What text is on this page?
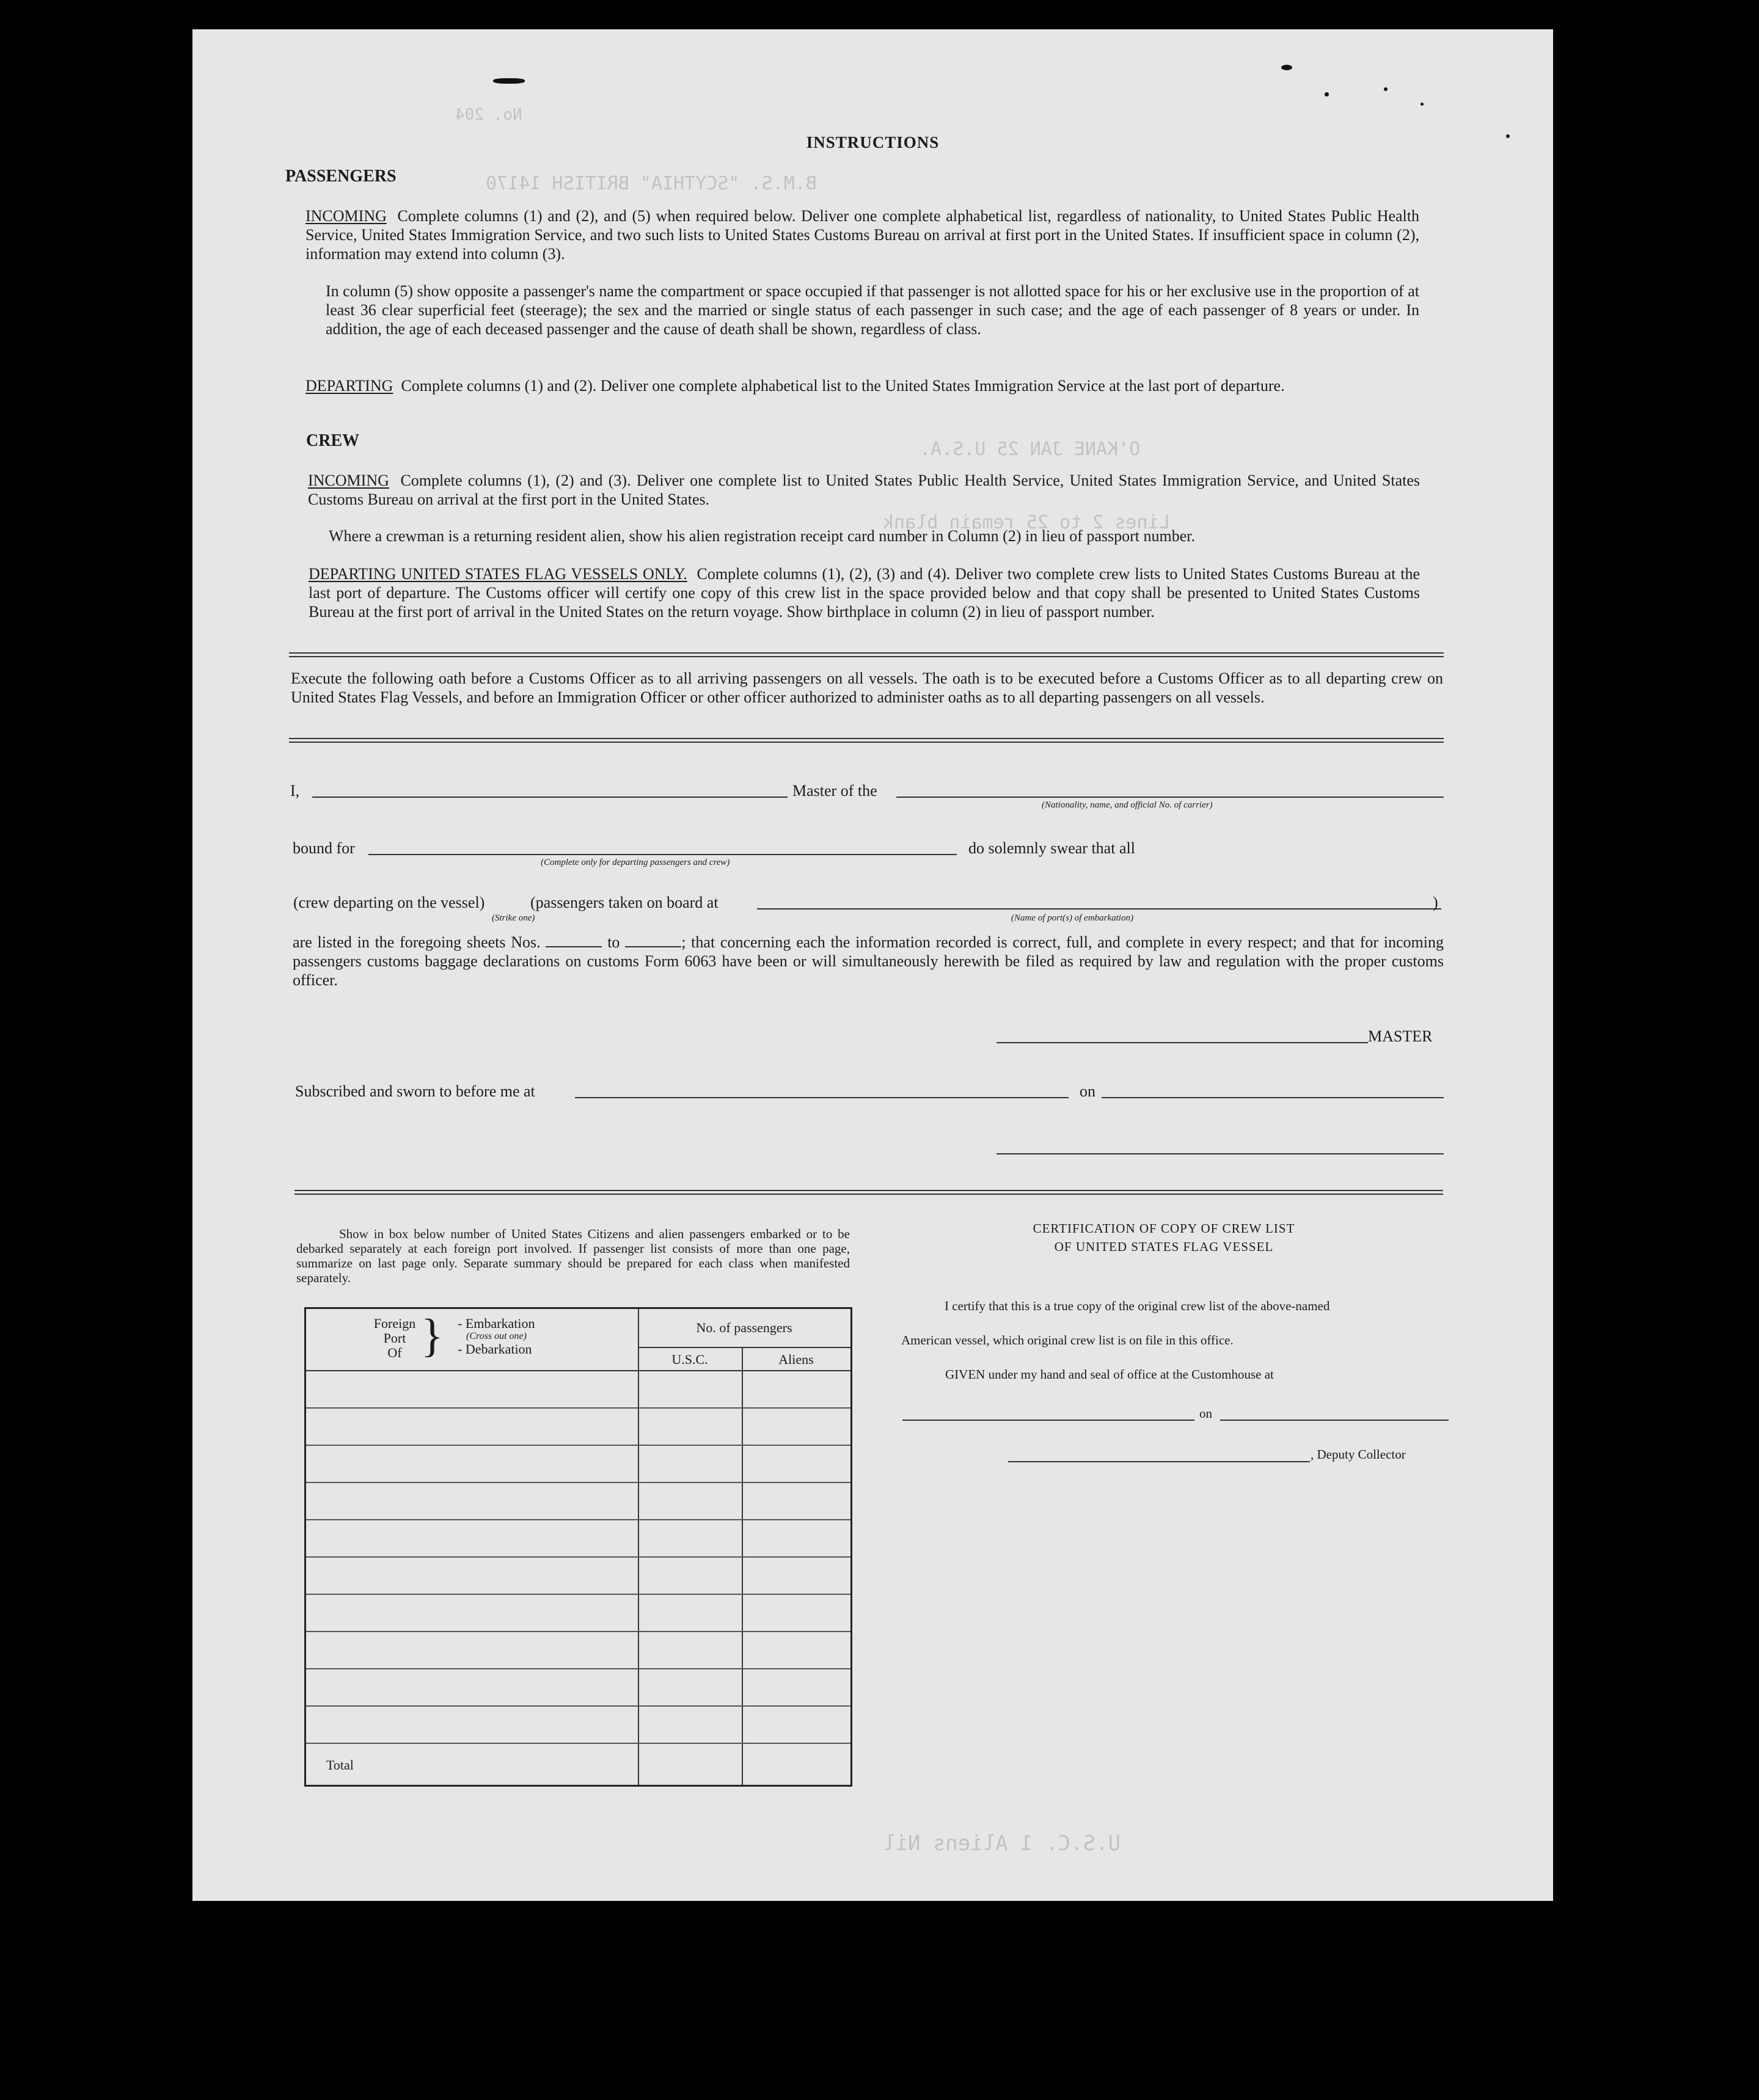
No. 204
B.M.S. "SCYTHIA" BRITISH 14170
O'KANE JAN 25 U.S.A.
Lines 2 to 25 remain blank
U.S.C. 1 Aliens Nil
INSTRUCTIONS
PASSENGERS
INCOMING Complete columns (1) and (2), and (5) when required below. Deliver one complete alphabetical list, regardless of nationality, to United States Public Health Service, United States Immigration Service, and two such lists to United States Customs Bureau on arrival at first port in the United States. If insufficient space in column (2), information may extend into column (3).
In column (5) show opposite a passenger's name the compartment or space occupied if that passenger is not allotted space for his or her exclusive use in the proportion of at least 36 clear superficial feet (steerage); the sex and the married or single status of each passenger in such case; and the age of each passenger of 8 years or under. In addition, the age of each deceased passenger and the cause of death shall be shown, regardless of class.
DEPARTING Complete columns (1) and (2). Deliver one complete alphabetical list to the United States Immigration Service at the last port of departure.
CREW
INCOMING Complete columns (1), (2) and (3). Deliver one complete list to United States Public Health Service, United States Immigration Service, and United States Customs Bureau on arrival at the first port in the United States.
Where a crewman is a returning resident alien, show his alien registration receipt card number in Column (2) in lieu of passport number.
DEPARTING UNITED STATES FLAG VESSELS ONLY. Complete columns (1), (2), (3) and (4). Deliver two complete crew lists to United States Customs Bureau at the last port of departure. The Customs officer will certify one copy of this crew list in the space provided below and that copy shall be presented to United States Customs Bureau at the first port of arrival in the United States on the return voyage. Show birthplace in column (2) in lieu of passport number.
Execute the following oath before a Customs Officer as to all arriving passengers on all vessels. The oath is to be executed before a Customs Officer as to all departing crew on United States Flag Vessels, and before an Immigration Officer or other officer authorized to administer oaths as to all departing passengers on all vessels.
I,	Master of the
(Nationality, name, and official No. of carrier)
bound for
(Complete only for departing passengers and crew)
do solemnly swear that all
(crew departing on the vessel)	(passengers taken on board at
(Strike one)
)
(Name of port(s) of embarkation)
are listed in the foregoing sheets Nos.	to	; that concerning each the information recorded is correct, full, and complete in every respect; and that for incoming passengers customs baggage declarations on customs Form 6063 have been or will simultaneously herewith be filed as required by law and regulation with the proper customs officer.
MASTER
Subscribed and sworn to before me at	on
Show in box below number of United States Citizens and alien passengers embarked or to be debarked separately at each foreign port involved. If passenger list consists of more than one page, summarize on last page only. Separate summary should be prepared for each class when manifested separately.
Foreign
Port
Of } - Embarkation
(Cross out one)
- Debarkation
No. of passengers
U.S.C.	Aliens
Total
CERTIFICATION OF COPY OF CREW LIST
OF UNITED STATES FLAG VESSEL
I certify that this is a true copy of the original crew list of the above-named
American vessel, which original crew list is on file in this office.
GIVEN under my hand and seal of office at the Customhouse at
on
, Deputy Collector
